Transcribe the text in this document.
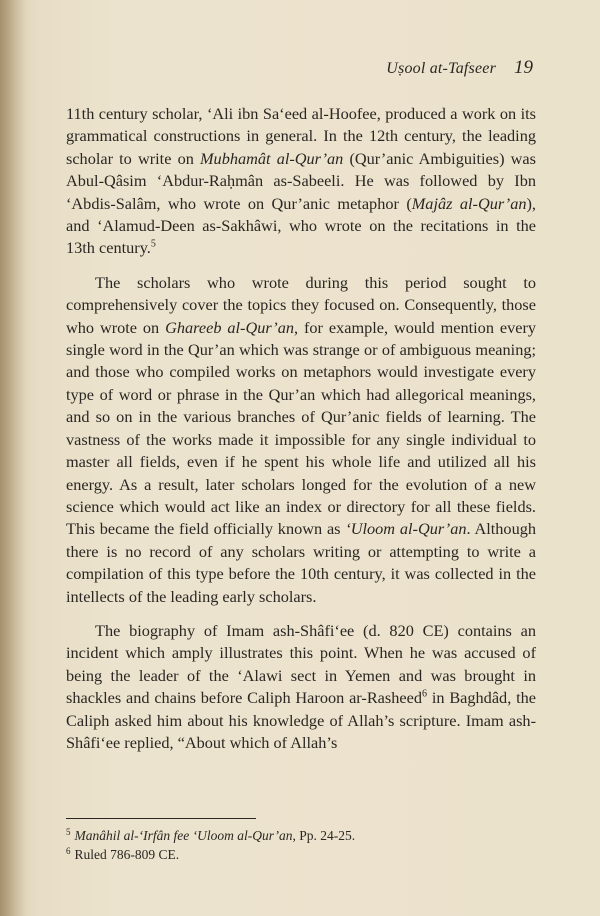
Uṣool at-Tafseer 19

11th century scholar, ‘Ali ibn Sa‘eed al-Hoofee, produced a work on its grammatical constructions in general. In the 12th century, the leading scholar to write on Mubhamât al-Qur’an (Qur’anic Ambiguities) was Abul-Qâsim ‘Abdur-Raḥmân as-Sabeeli. He was followed by Ibn ‘Abdis-Salâm, who wrote on Qur’anic metaphor (Majâz al-Qur’an), and ‘Alamud-Deen as-Sakhâwi, who wrote on the recitations in the 13th century.$^5$

The scholars who wrote during this period sought to comprehensively cover the topics they focused on. Consequently, those who wrote on Ghareeb al-Qur’an, for example, would mention every single word in the Qur’an which was strange or of ambiguous meaning; and those who compiled works on metaphors would investigate every type of word or phrase in the Qur’an which had allegorical meanings, and so on in the various branches of Qur’anic fields of learning. The vastness of the works made it impossible for any single individual to master all fields, even if he spent his whole life and utilized all his energy. As a result, later scholars longed for the evolution of a new science which would act like an index or directory for all these fields. This became the field officially known as ‘Uloom al-Qur’an. Although there is no record of any scholars writing or attempting to write a compilation of this type before the 10th century, it was collected in the intellects of the leading early scholars.

The biography of Imam ash-Shâfi‘ee (d. 820 CE) contains an incident which amply illustrates this point. When he was accused of being the leader of the ‘Alawi sect in Yemen and was brought in shackles and chains before Caliph Haroon ar-Rasheed$^6$ in Baghdâd, the Caliph asked him about his knowledge of Allah’s scripture. Imam ash-Shâfi‘ee replied, “About which of Allah’s

$^5$ Manâhil al-‘Irfân fee ‘Uloom al-Qur’an, Pp. 24-25.

$^6$ Ruled 786-809 CE.
